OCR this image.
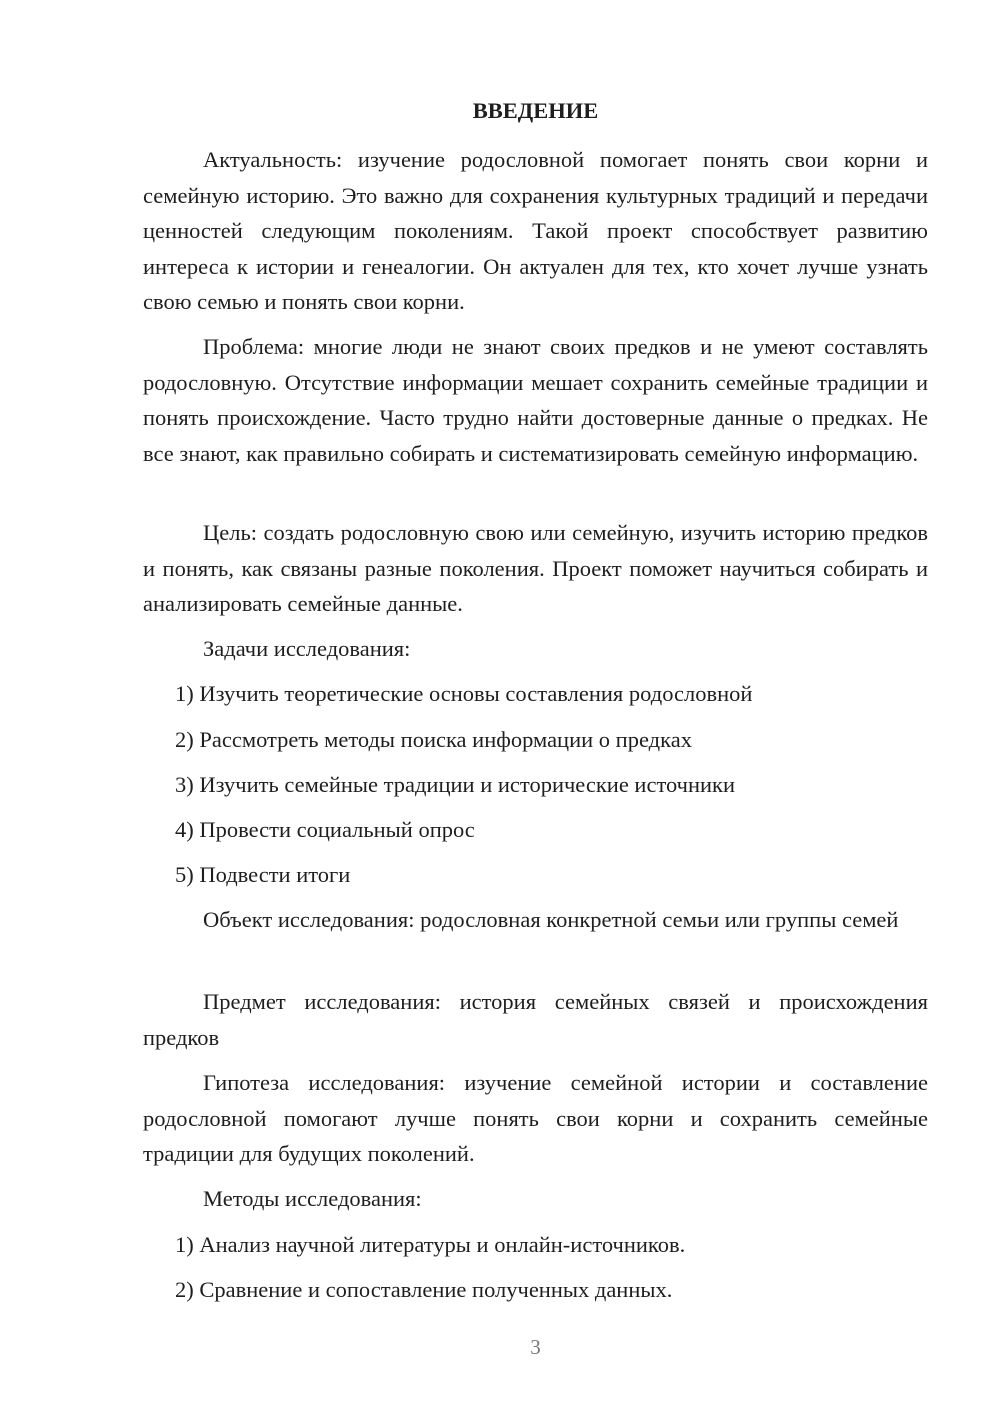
ВВЕДЕНИЕ

Актуальность: изучение родословной помогает понять свои корни и семейную историю. Это важно для сохранения культурных традиций и передачи ценностей следующим поколениям. Такой проект способствует развитию интереса к истории и генеалогии. Он актуален для тех, кто хочет лучше узнать свою семью и понять свои корни.

Проблема: многие люди не знают своих предков и не умеют составлять родословную. Отсутствие информации мешает сохранить семейные традиции и понять происхождение. Часто трудно найти достоверные данные о предках. Не все знают, как правильно собирать и систематизировать семейную информацию.

Цель: создать родословную свою или семейную, изучить историю предков и понять, как связаны разные поколения. Проект поможет научиться собирать и анализировать семейные данные.

Задачи исследования:

1) Изучить теоретические основы составления родословной

2) Рассмотреть методы поиска информации о предках

3) Изучить семейные традиции и исторические источники

4) Провести социальный опрос

5) Подвести итоги

Объект исследования: родословная конкретной семьи или группы семей

Предмет исследования: история семейных связей и происхождения предков

Гипотеза исследования: изучение семейной истории и составление родословной помогают лучше понять свои корни и сохранить семейные традиции для будущих поколений.

Методы исследования:

1) Анализ научной литературы и онлайн-источников.

2) Сравнение и сопоставление полученных данных.

3
